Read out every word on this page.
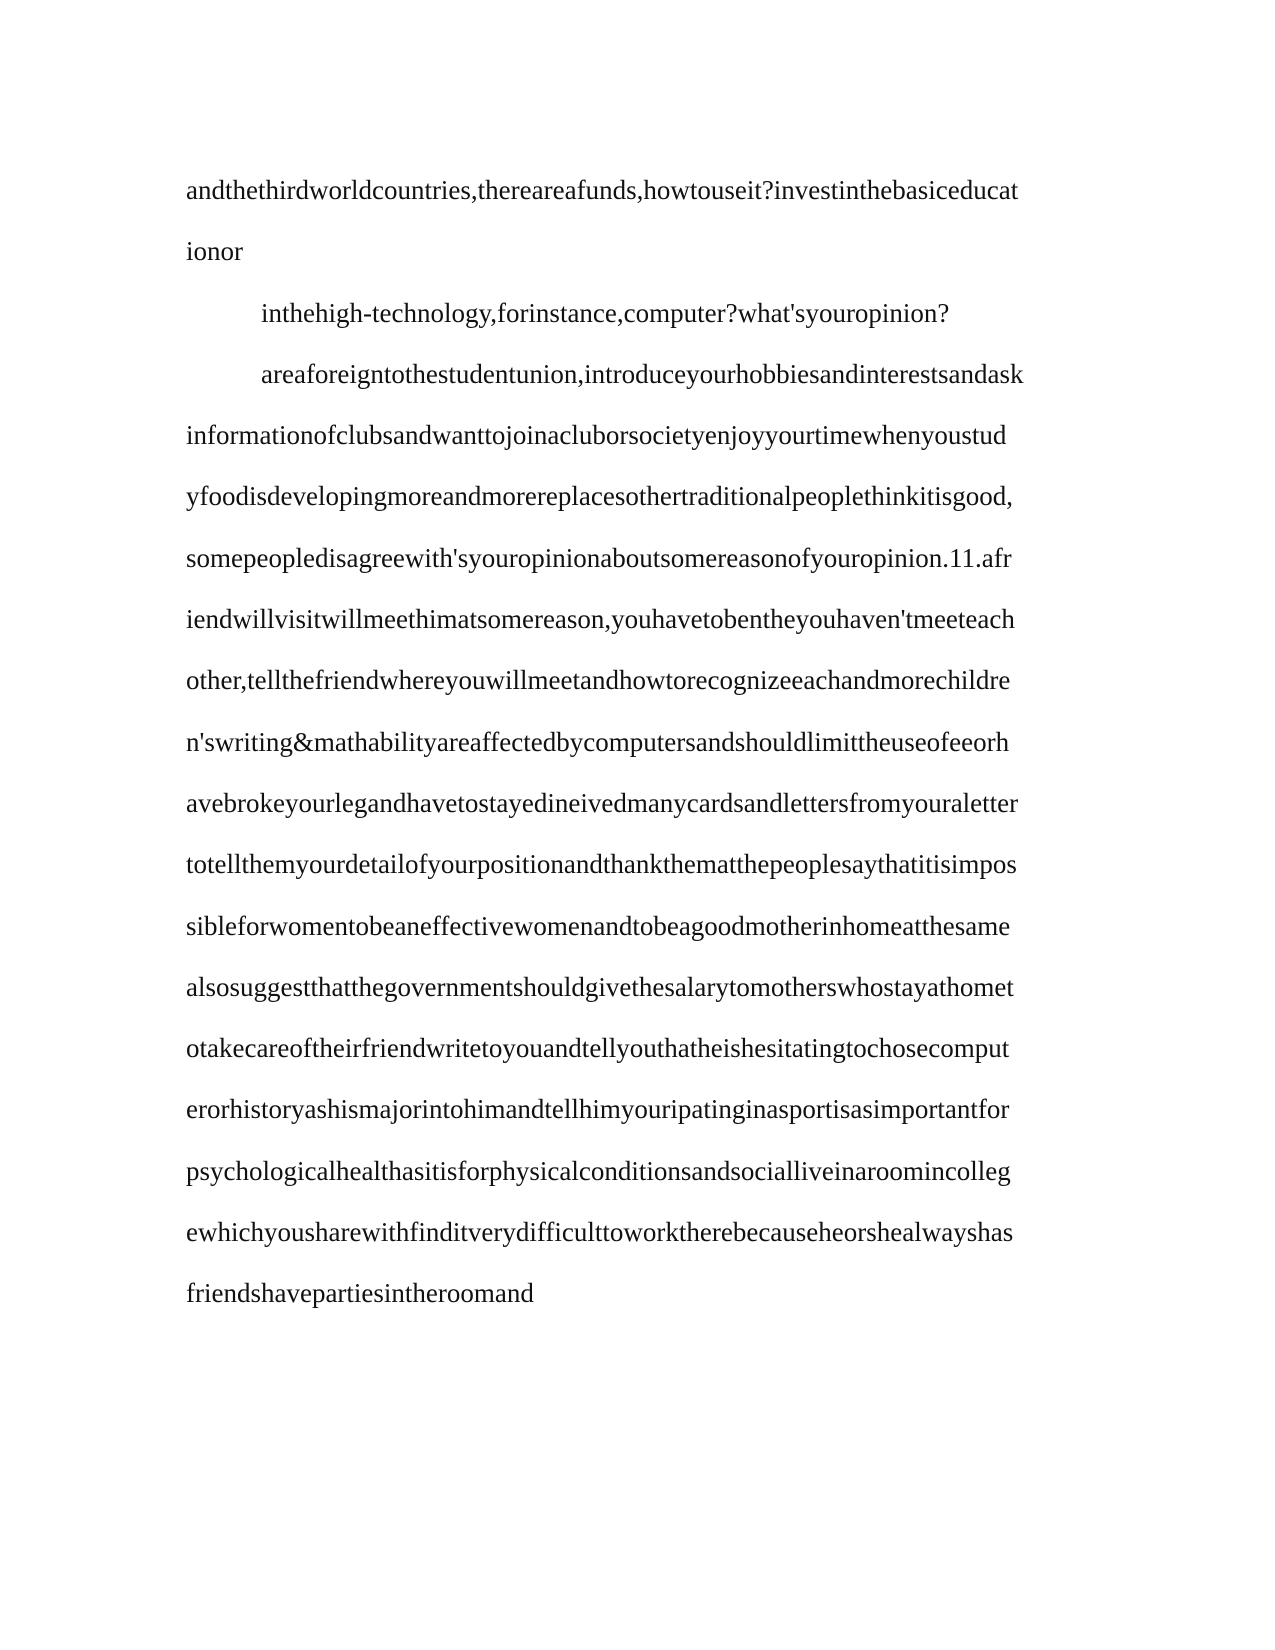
andthethirdworldcountries,thereareafunds,howtouseit?investinthebasiceducat
ionor
inthehigh-technology,forinstance,computer?what'syouropinion?
areaforeigntothestudentunion,introduceyourhobbiesandinterestsandask
informationofclubsandwanttojoinacluborsocietyenjoyyourtimewhenyoustud
yfoodisdevelopingmoreandmorereplacesothertraditionalpeoplethinkitisgood,
somepeopledisagreewith'syouropinionaboutsomereasonofyouropinion.11.afr
iendwillvisitwillmeethimatsomereason,youhavetobentheyouhaven'tmeeteach
other,tellthefriendwhereyouwillmeetandhowtorecognizeeachandmorechildre
n'swriting&mathabilityareaffectedbycomputersandshouldlimittheuseofeeorh
avebrokeyourlegandhavetostayedineivedmanycardsandlettersfromyouraletter
totellthemyourdetailofyourpositionandthankthematthepeoplesaythatitisimpos
sibleforwomentobeaneffectivewomenandtobeagoodmotherinhomeatthesame
alsosuggestthatthegovernmentshouldgivethesalarytomotherswhostayathomet
otakecareoftheirfriendwritetoyouandtellyouthatheishesitatingtochosecomput
erorhistoryashismajorintohimandtellhimyouripatinginasportisasimportantfor
psychologicalhealthasitisforphysicalconditionsandsocialliveinaroomincolleg
ewhichyousharewithfinditverydifficulttoworktherebecauseheorshealwayshas
friendshavepartiesintheroomand
